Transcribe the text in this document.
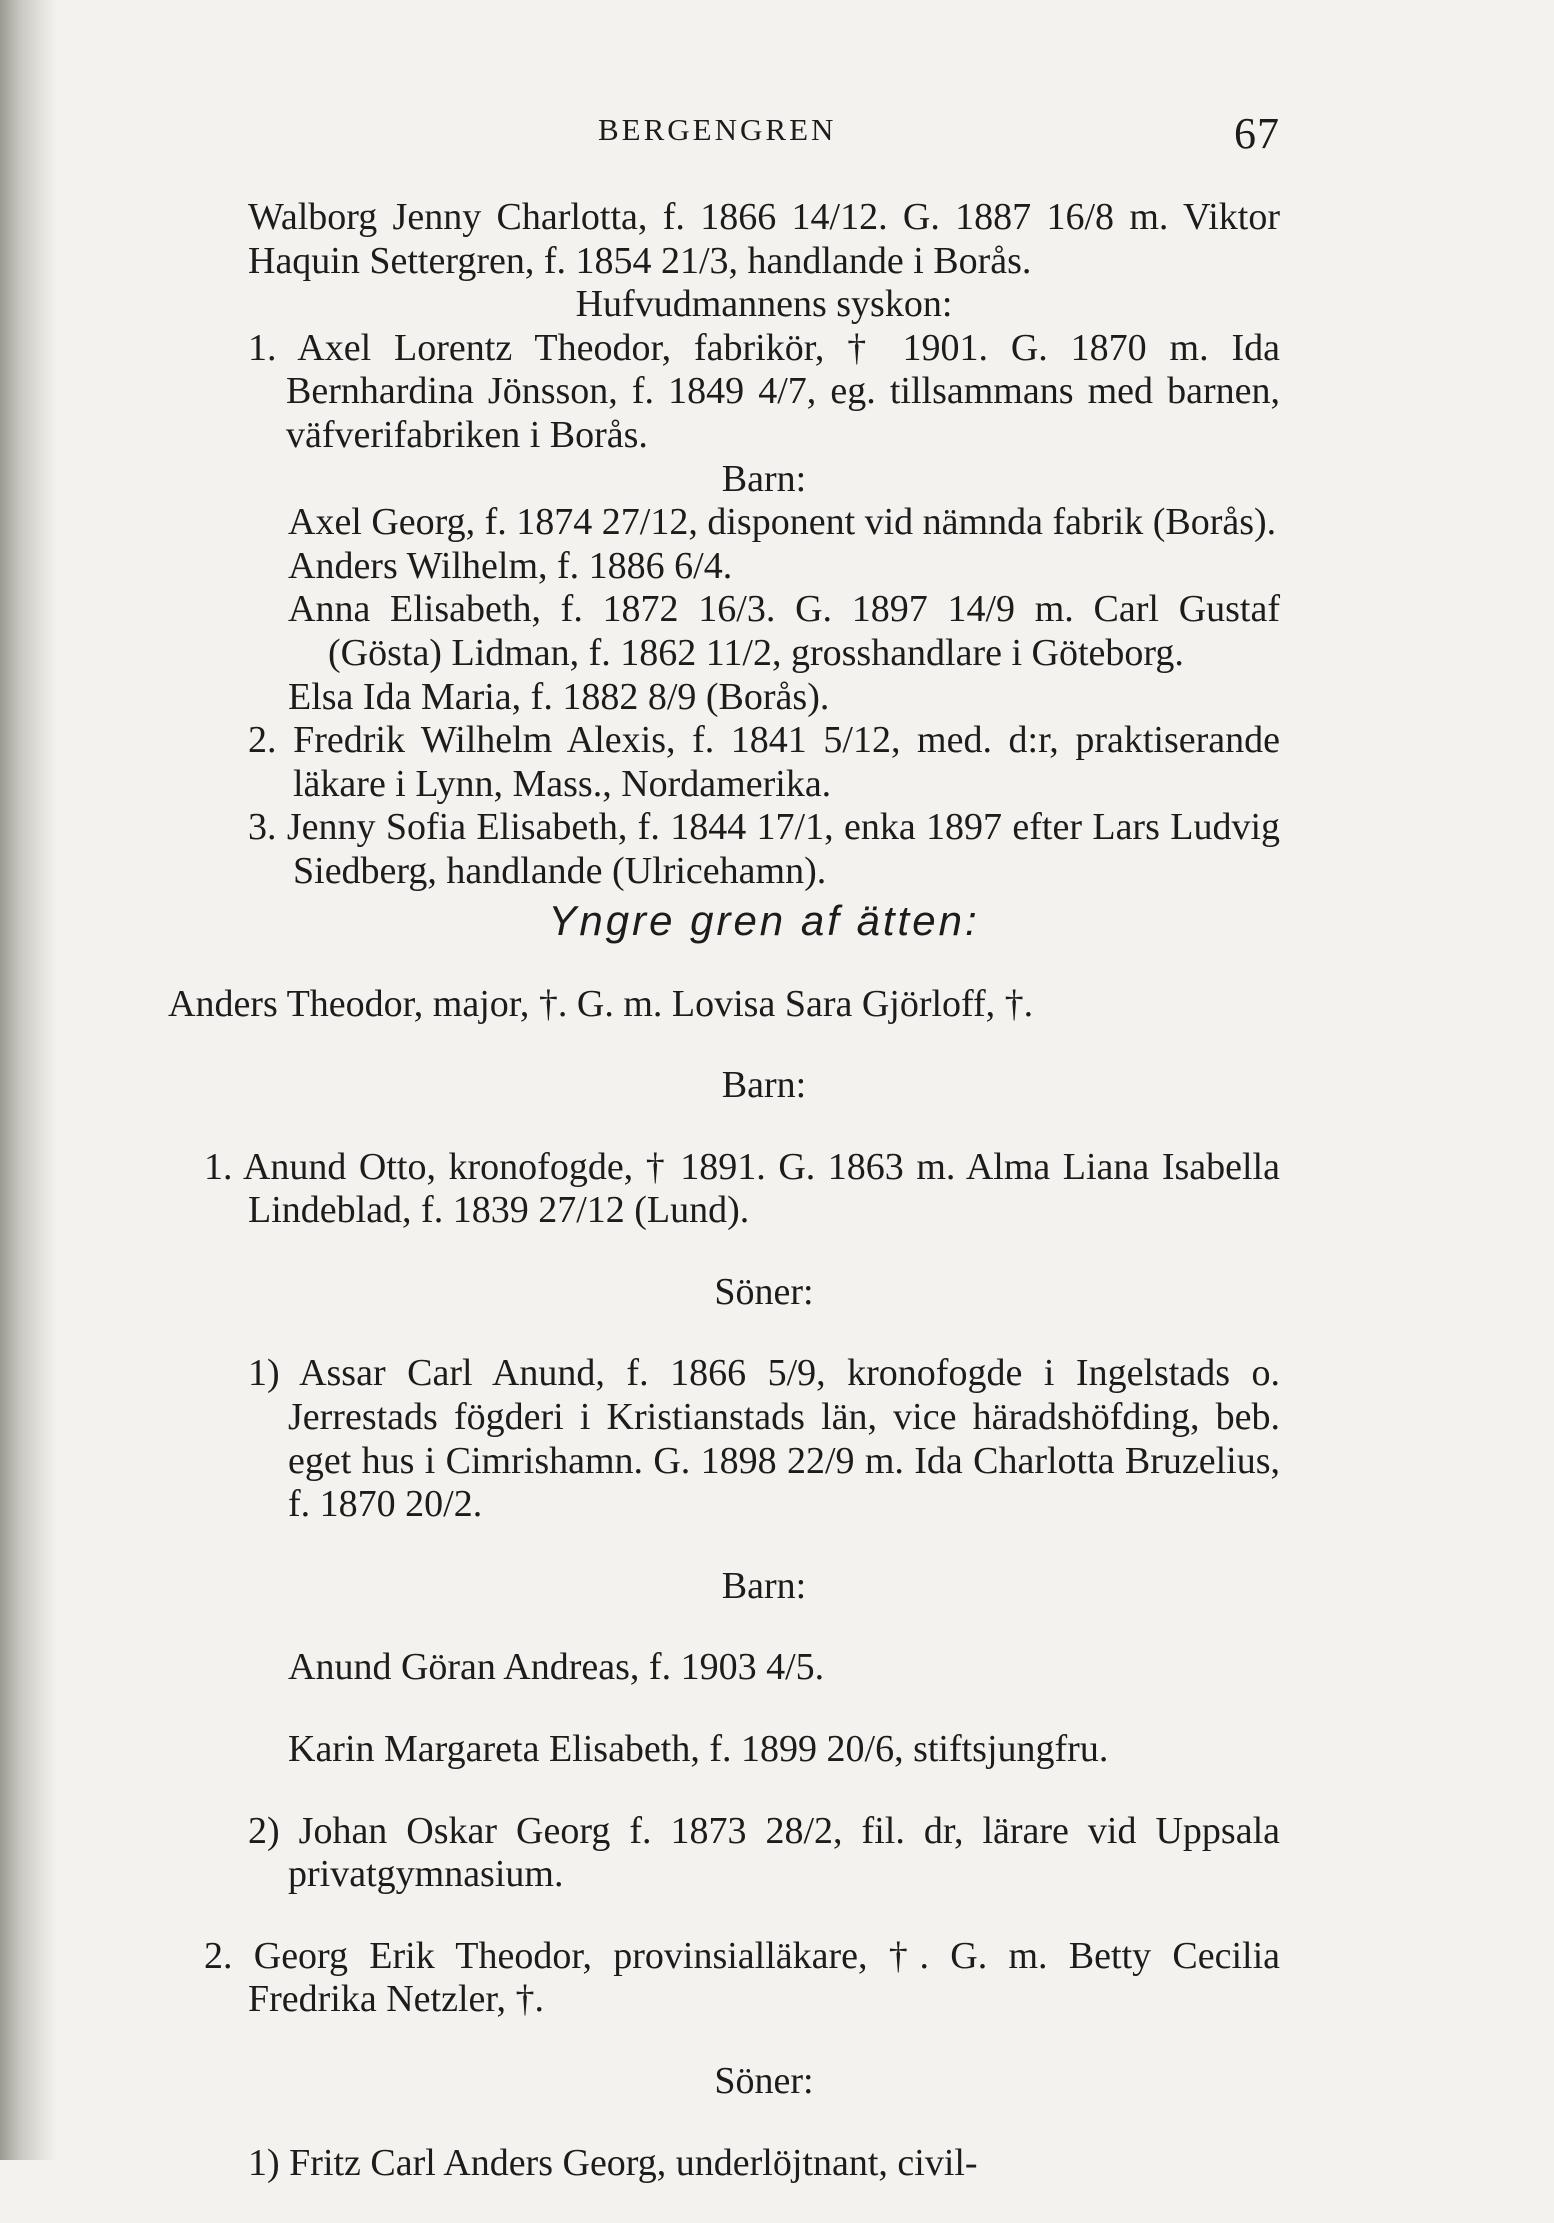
BERGENGREN	67

Walborg Jenny Charlotta, f. 1866 14/12. G. 1887 16/8 m. Viktor Haquin Settergren, f. 1854 21/3, handlande i Borås.

Hufvudmannens syskon:

1. Axel Lorentz Theodor, fabrikör, † 1901. G. 1870 m. Ida Bernhardina Jönsson, f. 1849 4/7, eg. tillsammans med barnen, väfverifabriken i Borås.

Barn:

Axel Georg, f. 1874 27/12, disponent vid nämnda fabrik (Borås).

Anders Wilhelm, f. 1886 6/4.

Anna Elisabeth, f. 1872 16/3. G. 1897 14/9 m. Carl Gustaf (Gösta) Lidman, f. 1862 11/2, grosshandlare i Göteborg.

Elsa Ida Maria, f. 1882 8/9 (Borås).

2. Fredrik Wilhelm Alexis, f. 1841 5/12, med. d:r, praktiserande läkare i Lynn, Mass., Nordamerika.

3. Jenny Sofia Elisabeth, f. 1844 17/1, enka 1897 efter Lars Ludvig Siedberg, handlande (Ulricehamn).

Yngre gren af ätten:

Anders Theodor, major, †. G. m. Lovisa Sara Gjörloff, †.

Barn:

1. Anund Otto, kronofogde, † 1891. G. 1863 m. Alma Liana Isabella Lindeblad, f. 1839 27/12 (Lund).

Söner:

1) Assar Carl Anund, f. 1866 5/9, kronofogde i Ingelstads o. Jerrestads fögderi i Kristianstads län, vice häradshöfding, beb. eget hus i Cimrishamn. G. 1898 22/9 m. Ida Charlotta Bruzelius, f. 1870 20/2.

Barn:

Anund Göran Andreas, f. 1903 4/5.

Karin Margareta Elisabeth, f. 1899 20/6, stiftsjungfru.

2) Johan Oskar Georg f. 1873 28/2, fil. dr, lärare vid Uppsala privatgymnasium.

2. Georg Erik Theodor, provinsialläkare, †. G. m. Betty Cecilia Fredrika Netzler, †.

Söner:

1) Fritz Carl Anders Georg, underlöjtnant, civil-
